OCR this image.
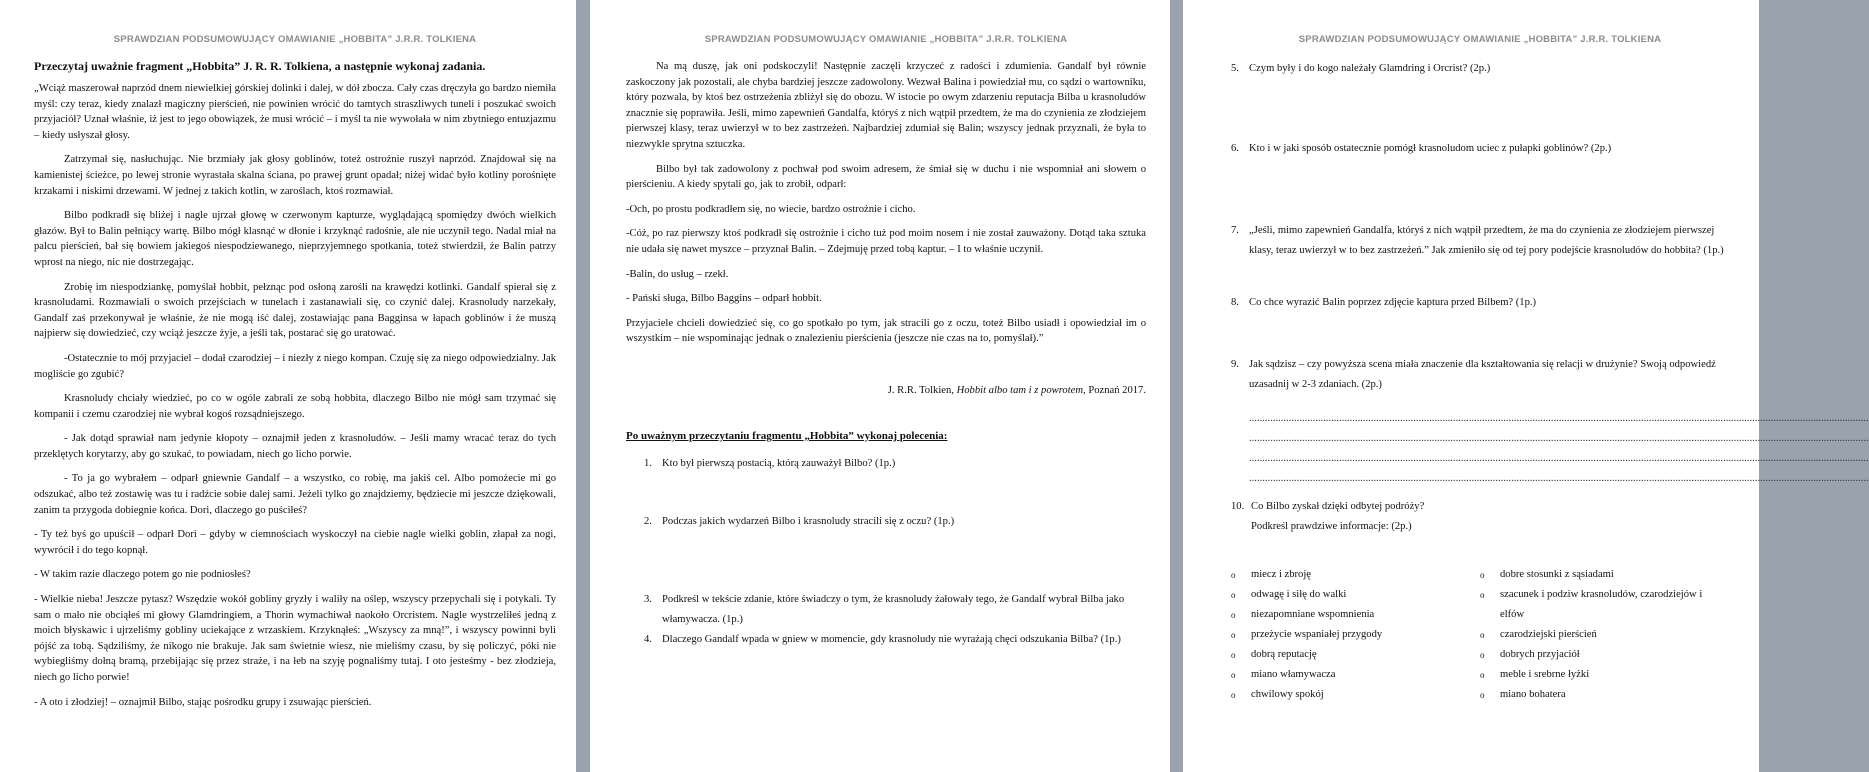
SPRAWDZIAN PODSUMOWUJĄCY OMAWIANIE „HOBBITA” J.R.R. TOLKIENA
Przeczytaj uważnie fragment „Hobbita” J. R. R. Tolkiena, a następnie wykonaj zadania.

„Wciąż maszerował naprzód dnem niewielkiej górskiej dolinki i dalej, w dół zbocza. Cały czas dręczyła go bardzo niemiła myśl: czy teraz, kiedy znalazł magiczny pierścień, nie powinien wrócić do tamtych straszliwych tuneli i poszukać swoich przyjaciół? Uznał właśnie, iż jest to jego obowiązek, że musi wrócić – i myśl ta nie wywołała w nim zbytniego entuzjazmu – kiedy usłyszał głosy.

Zatrzymał się, nasłuchując. Nie brzmiały jak głosy goblinów, toteż ostrożnie ruszył naprzód. Znajdował się na kamienistej ścieżce, po lewej stronie wyrastała skalna ściana, po prawej grunt opadał; niżej widać było kotliny porośnięte krzakami i niskimi drzewami. W jednej z takich kotlin, w zaroślach, ktoś rozmawiał.

Bilbo podkradł się bliżej i nagle ujrzał głowę w czerwonym kapturze, wyglądającą spomiędzy dwóch wielkich głazów. Był to Balin pełniący wartę. Bilbo mógł klasnąć w dłonie i krzyknąć radośnie, ale nie uczynił tego. Nadal miał na palcu pierścień, bał się bowiem jakiegoś niespodziewanego, nieprzyjemnego spotkania, toteż stwierdził, że Balin patrzy wprost na niego, nic nie dostrzegając.

Zrobię im niespodziankę, pomyślał hobbit, pełznąc pod osłoną zarośli na krawędzi kotlinki. Gandalf spierał się z krasnoludami. Rozmawiali o swoich przejściach w tunelach i zastanawiali się, co czynić dalej. Krasnoludy narzekały, Gandalf zaś przekonywał je właśnie, że nie mogą iść dalej, zostawiając pana Bagginsa w łapach goblinów i że muszą najpierw się dowiedzieć, czy wciąż jeszcze żyje, a jeśli tak, postarać się go uratować.

-Ostatecznie to mój przyjaciel – dodał czarodziej – i niezły z niego kompan. Czuję się za niego odpowiedzialny. Jak mogliście go zgubić?

Krasnoludy chciały wiedzieć, po co w ogóle zabrali ze sobą hobbita, dlaczego Bilbo nie mógł sam trzymać się kompanii i czemu czarodziej nie wybrał kogoś rozsądniejszego.

- Jak dotąd sprawiał nam jedynie kłopoty – oznajmił jeden z krasnoludów. – Jeśli mamy wracać teraz do tych przeklętych korytarzy, aby go szukać, to powiadam, niech go licho porwie.

- To ja go wybrałem – odparł gniewnie Gandalf – a wszystko, co robię, ma jakiś cel. Albo pomożecie mi go odszukać, albo też zostawię was tu i radźcie sobie dalej sami. Jeżeli tylko go znajdziemy, będziecie mi jeszcze dziękowali, zanim ta przygoda dobiegnie końca. Dori, dlaczego go puściłeś?

- Ty też byś go upuścił – odparł Dori – gdyby w ciemnościach wyskoczył na ciebie nagle wielki goblin, złapał za nogi, wywrócił i do tego kopnął.

- W takim razie dlaczego potem go nie podniosłeś?

- Wielkie nieba! Jeszcze pytasz? Wszędzie wokół gobliny gryzły i waliły na oślep, wszyscy przepychali się i potykali. Ty sam o mało nie obciąłeś mi głowy Glamdringiem, a Thorin wymachiwał naokoło Orcristem. Nagle wystrzeliłeś jedną z moich błyskawic i ujrzeliśmy gobliny uciekające z wrzaskiem. Krzyknąłeś: „Wszyscy za mną!”, i wszyscy powinni byli pójść za tobą. Sądziliśmy, że nikogo nie brakuje. Jak sam świetnie wiesz, nie mieliśmy czasu, by się policzyć, póki nie wybiegliśmy dołną bramą, przebijając się przez straże, i na łeb na szyję pognaliśmy tutaj. I oto jesteśmy - bez złodzieja, niech go licho porwie!

- A oto i złodziej! – oznajmił Bilbo, stając pośrodku grupy i zsuwając pierścień.

SPRAWDZIAN PODSUMOWUJĄCY OMAWIANIE „HOBBITA” J.R.R. TOLKIENA

Na mą duszę, jak oni podskoczyli! Następnie zaczęli krzyczeć z radości i zdumienia. Gandalf był równie zaskoczony jak pozostali, ale chyba bardziej jeszcze zadowolony. Wezwał Balina i powiedział mu, co sądzi o wartowniku, który pozwala, by ktoś bez ostrzeżenia zbliżył się do obozu. W istocie po owym zdarzeniu reputacja Bilba u krasnoludów znacznie się poprawiła. Jeśli, mimo zapewnień Gandalfa, któryś z nich wątpił przedtem, że ma do czynienia ze złodziejem pierwszej klasy, teraz uwierzył w to bez zastrzeżeń. Najbardziej zdumiał się Balin; wszyscy jednak przyznali, że była to niezwykle sprytna sztuczka.

Bilbo był tak zadowolony z pochwał pod swoim adresem, że śmiał się w duchu i nie wspomniał ani słowem o pierścieniu. A kiedy spytali go, jak to zrobił, odparł:

-Och, po prostu podkradłem się, no wiecie, bardzo ostrożnie i cicho.

-Cóż, po raz pierwszy ktoś podkradł się ostrożnie i cicho tuż pod moim nosem i nie został zauważony. Dotąd taka sztuka nie udała się nawet myszce – przyznał Balin. – Zdejmuję przed tobą kaptur. – I to właśnie uczynił.

-Balin, do usług – rzekł.

- Pański sługa, Bilbo Baggins – odparł hobbit.

Przyjaciele chcieli dowiedzieć się, co go spotkało po tym, jak stracili go z oczu, toteż Bilbo usiadł i opowiedział im o wszystkim – nie wspominając jednak o znalezieniu pierścienia (jeszcze nie czas na to, pomyślał).”

J. R.R. Tolkien, Hobbit albo tam i z powrotem, Poznań 2017.
Po uważnym przeczytaniu fragmentu „Hobbita” wykonaj polecenia:
1. Kto był pierwszą postacią, którą zauważył Bilbo? (1p.)
2. Podczas jakich wydarzeń Bilbo i krasnoludy stracili się z oczu? (1p.)
3. Podkreśl w tekście zdanie, które świadczy o tym, że krasnoludy żałowały tego, że Gandalf wybrał Bilba jako włamywacza. (1p.)
4. Dlaczego Gandalf wpada w gniew w momencie, gdy krasnoludy nie wyrażają chęci odszukania Bilba? (1p.)
SPRAWDZIAN PODSUMOWUJĄCY OMAWIANIE „HOBBITA” J.R.R. TOLKIENA
5. Czym były i do kogo należały Glamdring i Orcrist? (2p.)
6. Kto i w jaki sposób ostatecznie pomógł krasnoludom uciec z pułapki goblinów? (2p.)
7. „Jeśli, mimo zapewnień Gandalfa, któryś z nich wątpił przedtem, że ma do czynienia ze złodziejem pierwszej klasy, teraz uwierzył w to bez zastrzeżeń.” Jak zmieniło się od tej pory podejście krasnoludów do hobbita? (1p.)
8. Co chce wyrazić Balin poprzez zdjęcie kaptura przed Bilbem? (1p.)
9. Jak sądzisz – czy powyższa scena miała znaczenie dla kształtowania się relacji w drużynie? Swoją odpowiedź uzasadnij w 2-3 zdaniach. (2p.)
..........................................................................................................................................................................................................................................
..........................................................................................................................................................................................................................................
..........................................................................................................................................................................................................................................
..........................................................................................................................................................................................................................................
10. Co Bilbo zyskał dzięki odbytej podróży?
Podkreśl prawdziwe informacje: (2p.)
o	miecz i zbroję
o	odwagę i siłę do walki
o	niezapomniane wspomnienia
o	przeżycie wspaniałej przygody
o	dobrą reputację
o	miano włamywacza
o	chwilowy spokój
o	dobre stosunki z sąsiadami
o	szacunek i podziw krasnoludów, czarodziejów i elfów
o	czarodziejski pierścień
o	dobrych przyjaciół
o	meble i srebrne łyżki
o	miano bohatera
